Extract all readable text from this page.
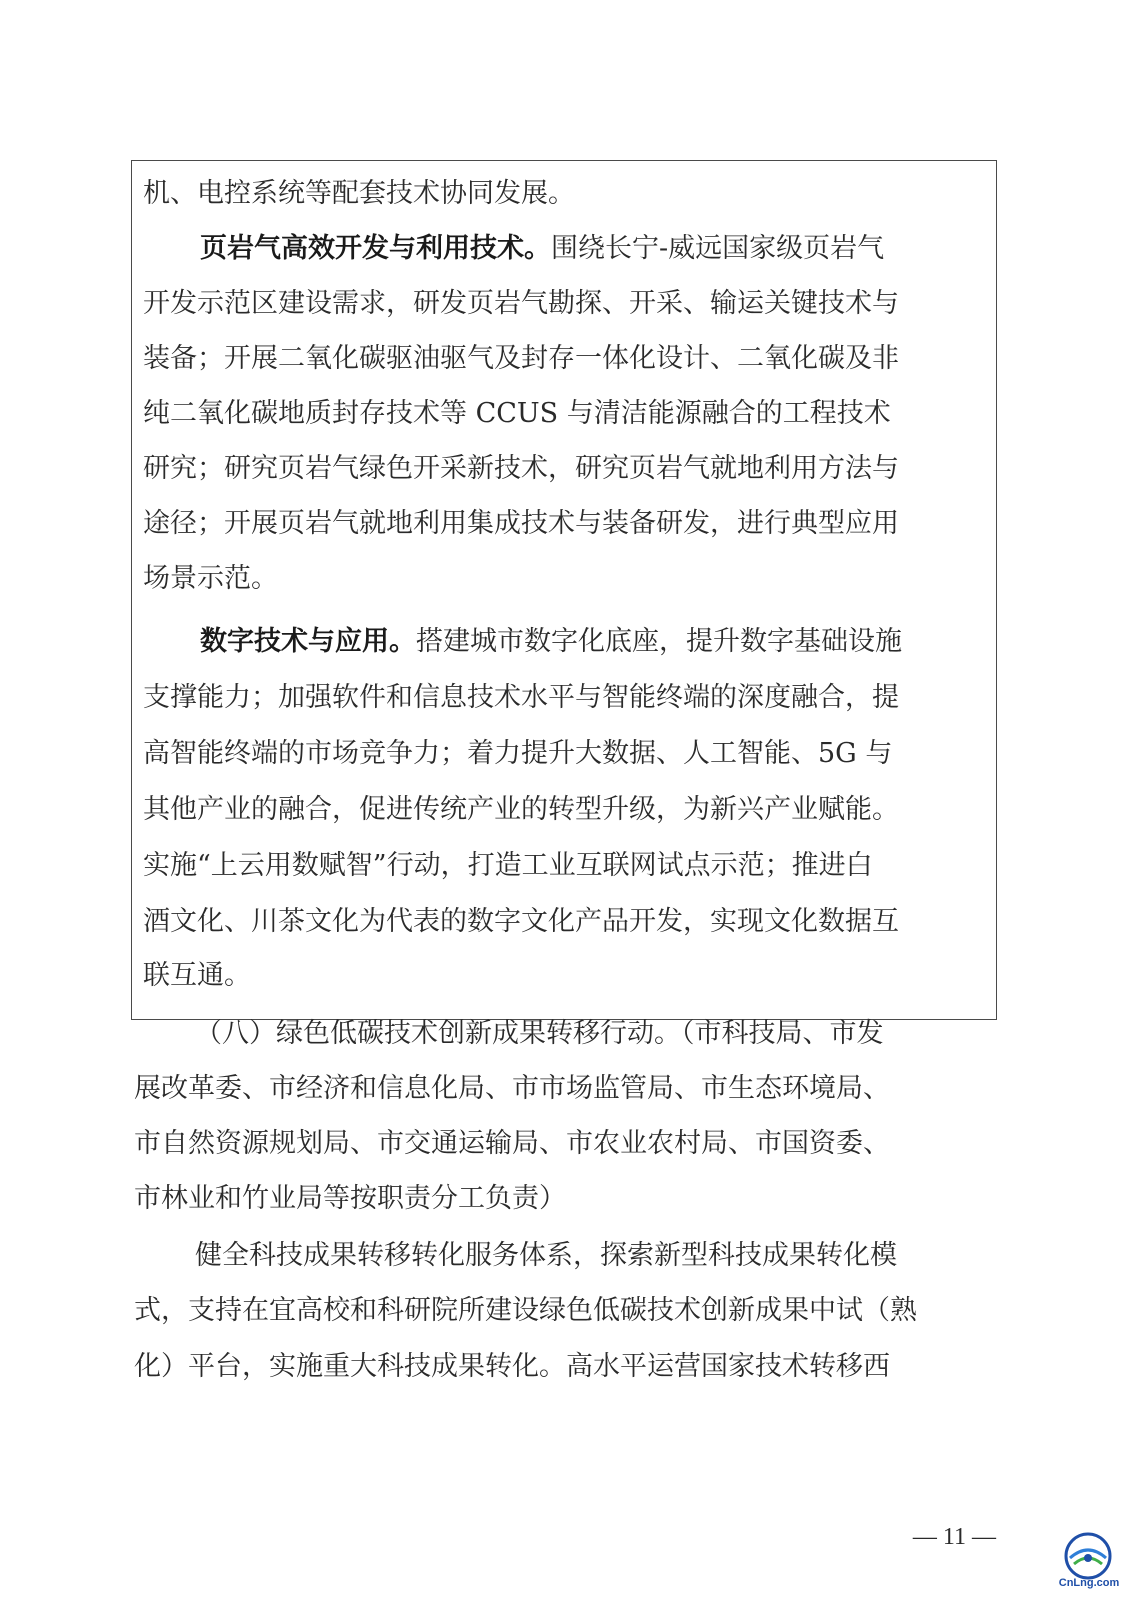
机、电控系统等配套技术协同发展。
页岩气高效开发与利用技术。围绕长宁-威远国家级页岩气
开发示范区建设需求，研发页岩气勘探、开采、输运关键技术与
装备；开展二氧化碳驱油驱气及封存一体化设计、二氧化碳及非
纯二氧化碳地质封存技术等 CCUS 与清洁能源融合的工程技术
研究；研究页岩气绿色开采新技术，研究页岩气就地利用方法与
途径；开展页岩气就地利用集成技术与装备研发，进行典型应用
场景示范。
数字技术与应用。搭建城市数字化底座，提升数字基础设施
支撑能力；加强软件和信息技术水平与智能终端的深度融合，提
高智能终端的市场竞争力；着力提升大数据、人工智能、5G 与
其他产业的融合，促进传统产业的转型升级，为新兴产业赋能。
实施“上云用数赋智”行动，打造工业互联网试点示范；推进白
酒文化、川茶文化为代表的数字文化产品开发，实现文化数据互
联互通。
（八）绿色低碳技术创新成果转移行动。（市科技局、市发
展改革委、市经济和信息化局、市市场监管局、市生态环境局、
市自然资源规划局、市交通运输局、市农业农村局、市国资委、
市林业和竹业局等按职责分工负责）
健全科技成果转移转化服务体系，探索新型科技成果转化模
式，支持在宜高校和科研院所建设绿色低碳技术创新成果中试（熟
化）平台，实施重大科技成果转化。高水平运营国家技术转移西
— 11 —
CnLng.com
